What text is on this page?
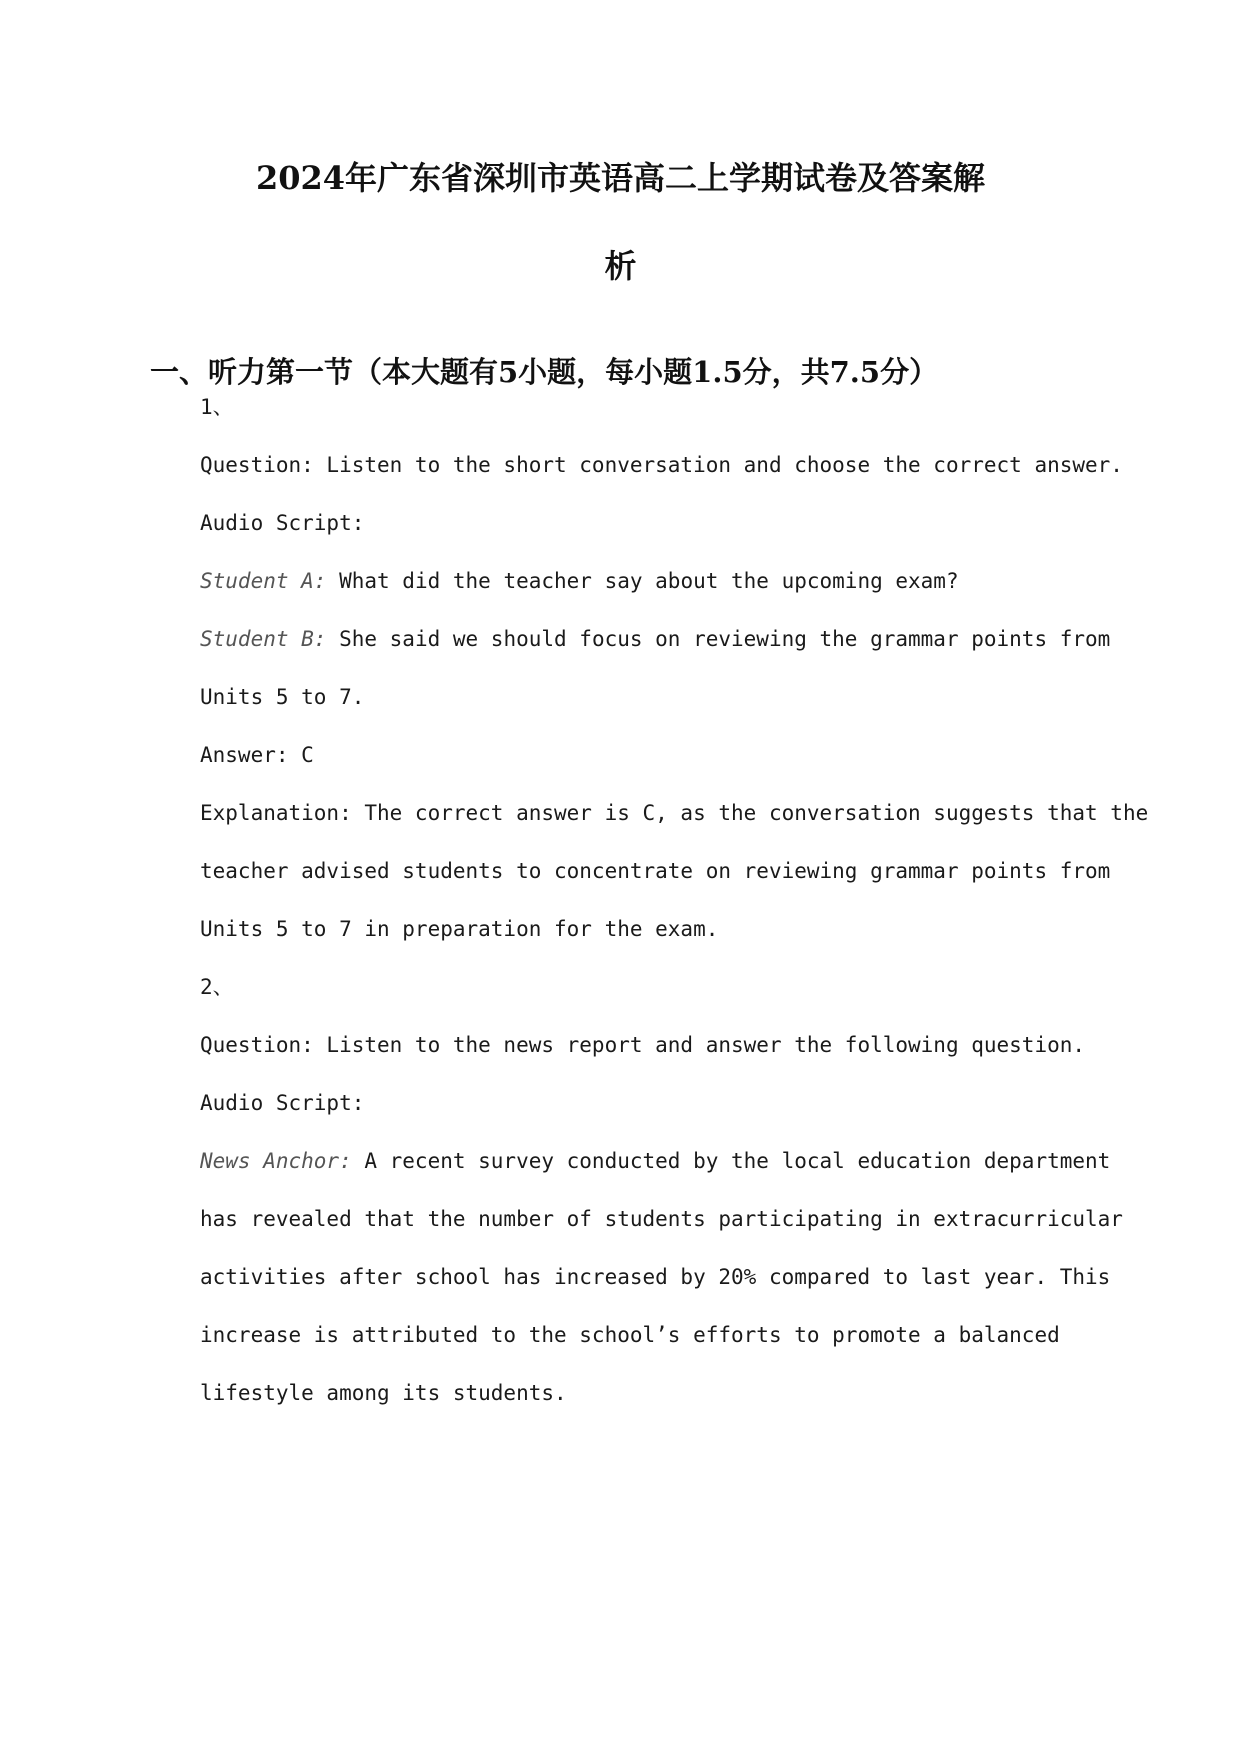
2024年广东省深圳市英语高二上学期试卷及答案解
析
一、听力第一节（本大题有5小题，每小题1.5分，共7.5分）
1、
Question: Listen to the short conversation and choose the correct answer.
Audio Script:
Student A: What did the teacher say about the upcoming exam?
Student B: She said we should focus on reviewing the grammar points from
Units 5 to 7.
Answer: C
Explanation: The correct answer is C, as the conversation suggests that the
teacher advised students to concentrate on reviewing grammar points from
Units 5 to 7 in preparation for the exam.
2、
Question: Listen to the news report and answer the following question.
Audio Script:
News Anchor: A recent survey conducted by the local education department
has revealed that the number of students participating in extracurricular
activities after school has increased by 20% compared to last year. This
increase is attributed to the school’s efforts to promote a balanced
lifestyle among its students.
